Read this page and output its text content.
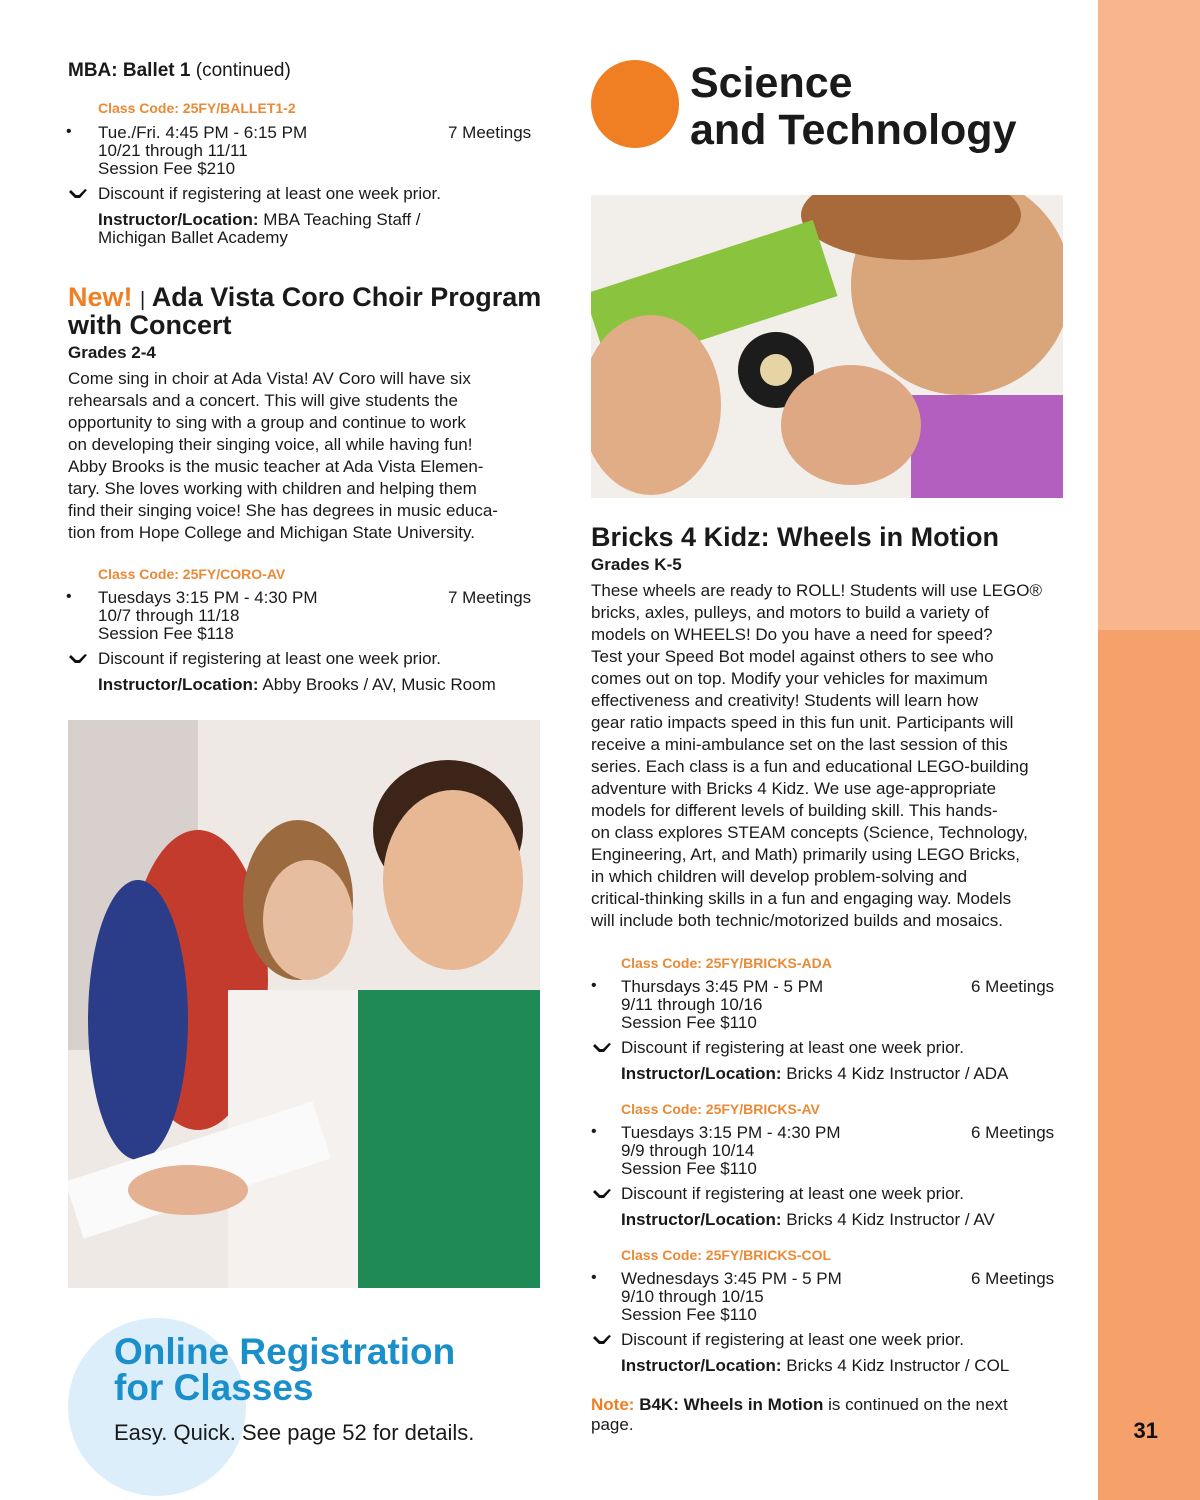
31
MBA: Ballet 1 (continued)
Class Code: 25FY/BALLET1-2
• Tue./Fri. 4:45 PM - 6:15 PM	7 Meetings
10/21 through 11/11
Session Fee $210
Discount if registering at least one week prior.
Instructor/Location: MBA Teaching Staff /
Michigan Ballet Academy
New! | Ada Vista Coro Choir Program
with Concert
Grades 2-4
Come sing in choir at Ada Vista! AV Coro will have six
rehearsals and a concert. This will give students the
opportunity to sing with a group and continue to work
on developing their singing voice, all while having fun!
Abby Brooks is the music teacher at Ada Vista Elemen-
tary. She loves working with children and helping them
find their singing voice! She has degrees in music educa-
tion from Hope College and Michigan State University.
Class Code: 25FY/CORO-AV
• Tuesdays 3:15 PM - 4:30 PM	7 Meetings
10/7 through 11/18
Session Fee $118
Discount if registering at least one week prior.
Instructor/Location: Abby Brooks / AV, Music Room
Online Registration
for Classes
Easy. Quick. See page 52 for details.
Science
and Technology
Bricks 4 Kidz: Wheels in Motion
Grades K-5
These wheels are ready to ROLL! Students will use LEGO®
bricks, axles, pulleys, and motors to build a variety of
models on WHEELS! Do you have a need for speed?
Test your Speed Bot model against others to see who
comes out on top. Modify your vehicles for maximum
effectiveness and creativity! Students will learn how
gear ratio impacts speed in this fun unit. Participants will
receive a mini-ambulance set on the last session of this
series. Each class is a fun and educational LEGO-building
adventure with Bricks 4 Kidz. We use age-appropriate
models for different levels of building skill. This hands-
on class explores STEAM concepts (Science, Technology,
Engineering, Art, and Math) primarily using LEGO Bricks,
in which children will develop problem-solving and
critical-thinking skills in a fun and engaging way. Models
will include both technic/motorized builds and mosaics.
Class Code: 25FY/BRICKS-ADA
• Thursdays 3:45 PM - 5 PM	6 Meetings
9/11 through 10/16
Session Fee $110
Discount if registering at least one week prior.
Instructor/Location: Bricks 4 Kidz Instructor / ADA
Class Code: 25FY/BRICKS-AV
• Tuesdays 3:15 PM - 4:30 PM	6 Meetings
9/9 through 10/14
Session Fee $110
Discount if registering at least one week prior.
Instructor/Location: Bricks 4 Kidz Instructor / AV
Class Code: 25FY/BRICKS-COL
• Wednesdays 3:45 PM - 5 PM	6 Meetings
9/10 through 10/15
Session Fee $110
Discount if registering at least one week prior.
Instructor/Location: Bricks 4 Kidz Instructor / COL
Note: B4K: Wheels in Motion is continued on the next
page.
